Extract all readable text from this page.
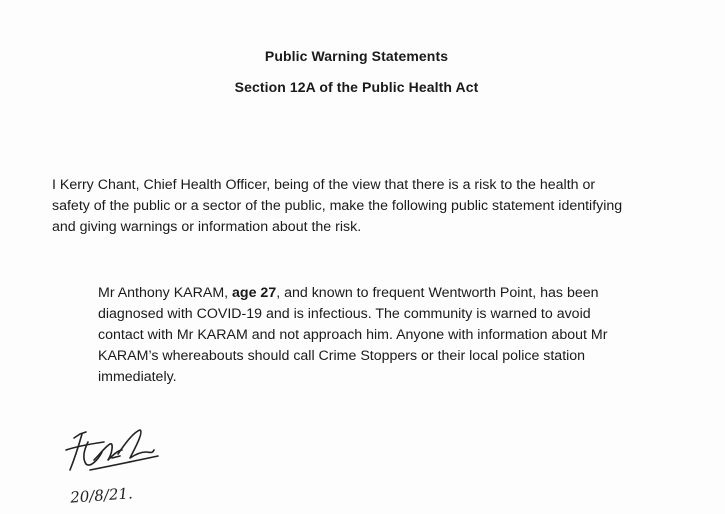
Public Warning Statements
Section 12A of the Public Health Act
I Kerry Chant, Chief Health Officer, being of the view that there is a risk to the health or
safety of the public or a sector of the public, make the following public statement identifying
and giving warnings or information about the risk.
Mr Anthony KARAM, age 27, and known to frequent Wentworth Point, has been
diagnosed with COVID-19 and is infectious. The community is warned to avoid
contact with Mr KARAM and not approach him. Anyone with information about Mr
KARAM’s whereabouts should call Crime Stoppers or their local police station
immediately.
20/8/21.
